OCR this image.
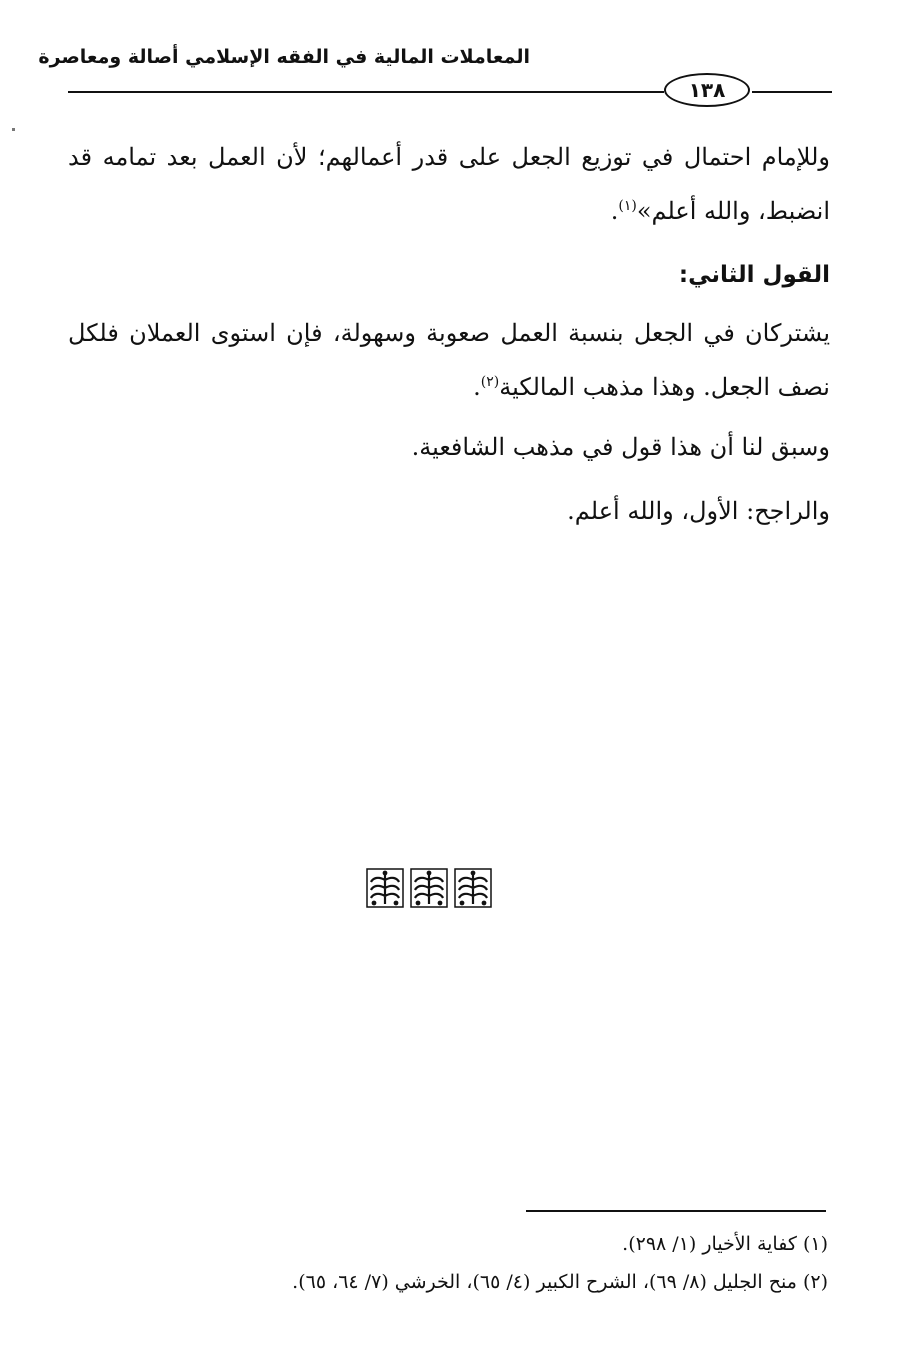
المعاملات المالية في الفقه الإسلامي أصالة ومعاصرة
١٣٨
وللإمام احتمال في توزيع الجعل على قدر أعمالهم؛ لأن العمل بعد تمامه قد انضبط، والله أعلم»$^{(١)}$.
القول الثاني:
يشتركان في الجعل بنسبة العمل صعوبة وسهولة، فإن استوى العملان فلكل نصف الجعل. وهذا مذهب المالكية$^{(٢)}$.
وسبق لنا أن هذا قول في مذهب الشافعية.
والراجح: الأول، والله أعلم.
(١) كفاية الأخيار (١/ ٢٩٨).
(٢) منح الجليل (٨/ ٦٩)، الشرح الكبير (٤/ ٦٥)، الخرشي (٧/ ٦٤، ٦٥).
